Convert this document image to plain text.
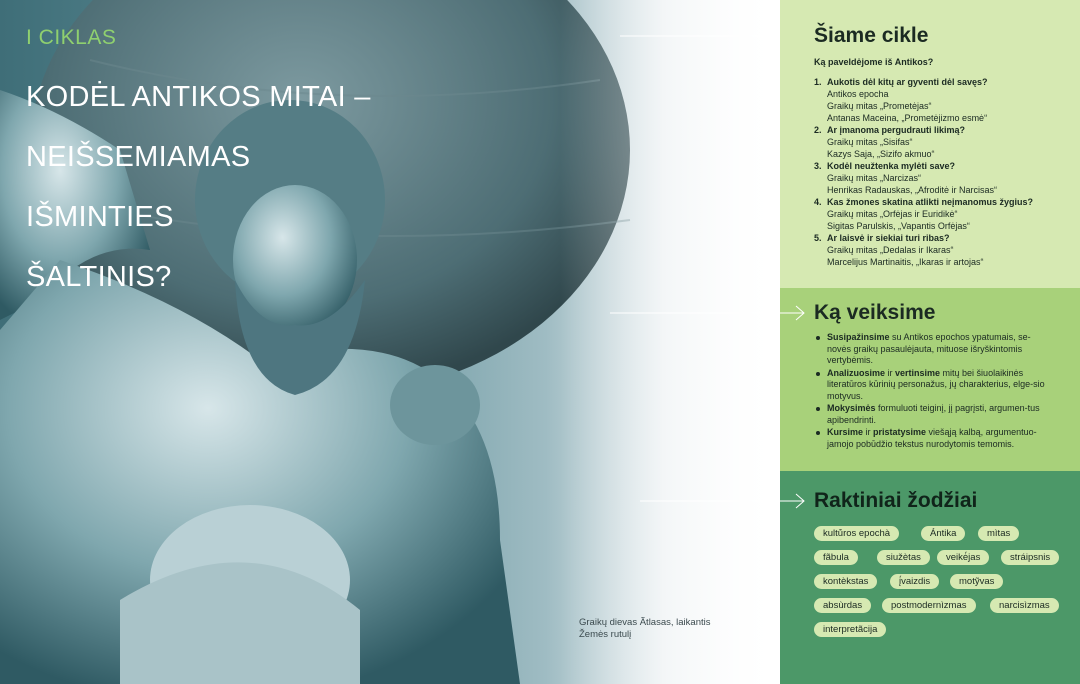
I CIKLAS

KODĖL ANTIKOS MITAI –

NEIŠSEMIAMAS

IŠMINTIES

ŠALTINIS?

Graikų dievas Ãtlasas, laikantis Žemės rutulį
Šiame cikle
Ką paveldėjome iš Antikos?
1. Aukotis dėl kitų ar gyventi dėl savęs?
Antikos epocha
Graikų mitas „Prometėjas“
Antanas Maceina, „Prometėjizmo esmė“
2. Ar įmanoma pergudrauti likimą?
Graikų mitas „Sisifas“
Kazys Saja, „Sizifo akmuo“
3. Kodėl neužtenka mylėti save?
Graikų mitas „Narcizas“
Henrikas Radauskas, „Afroditė ir Narcisas“
4. Kas žmones skatina atlikti neįmanomus žygius?
Graikų mitas „Orfėjas ir Euridikė“
Sigitas Parulskis, „Vapantis Orfėjas“
5. Ar laisvė ir siekiai turi ribas?
Graikų mitas „Dedalas ir Ikaras“
Marcelijus Martinaitis, „Ikaras ir artojas“
Ką veiksime
Susipažinsime su Antikos epochos ypatumais, se-novės graikų pasaulėjauta, mituose išryškintomis vertybėmis.
Analizuosime ir vertinsime mitų bei šiuolaikinės literatūros kūrinių personažus, jų charakterius, elge-sio motyvus.
Mokysimės formuluoti teiginį, jį pagrįsti, argumen-tus apibendrinti.
Kursime ir pristatysime viešąją kalbą, argumentuo-jamojo pobūdžio tekstus nurodytomis temomis.
Raktiniai žodžiai
kultū́ros epochà	Ántika	mìtas
fãbula	siužètas	veikė́jas	stráipsnis
kontèkstas	į́vaizdis	motỹvas
absùrdas	postmodernìzmas	narcisìzmas
interpretãcija
